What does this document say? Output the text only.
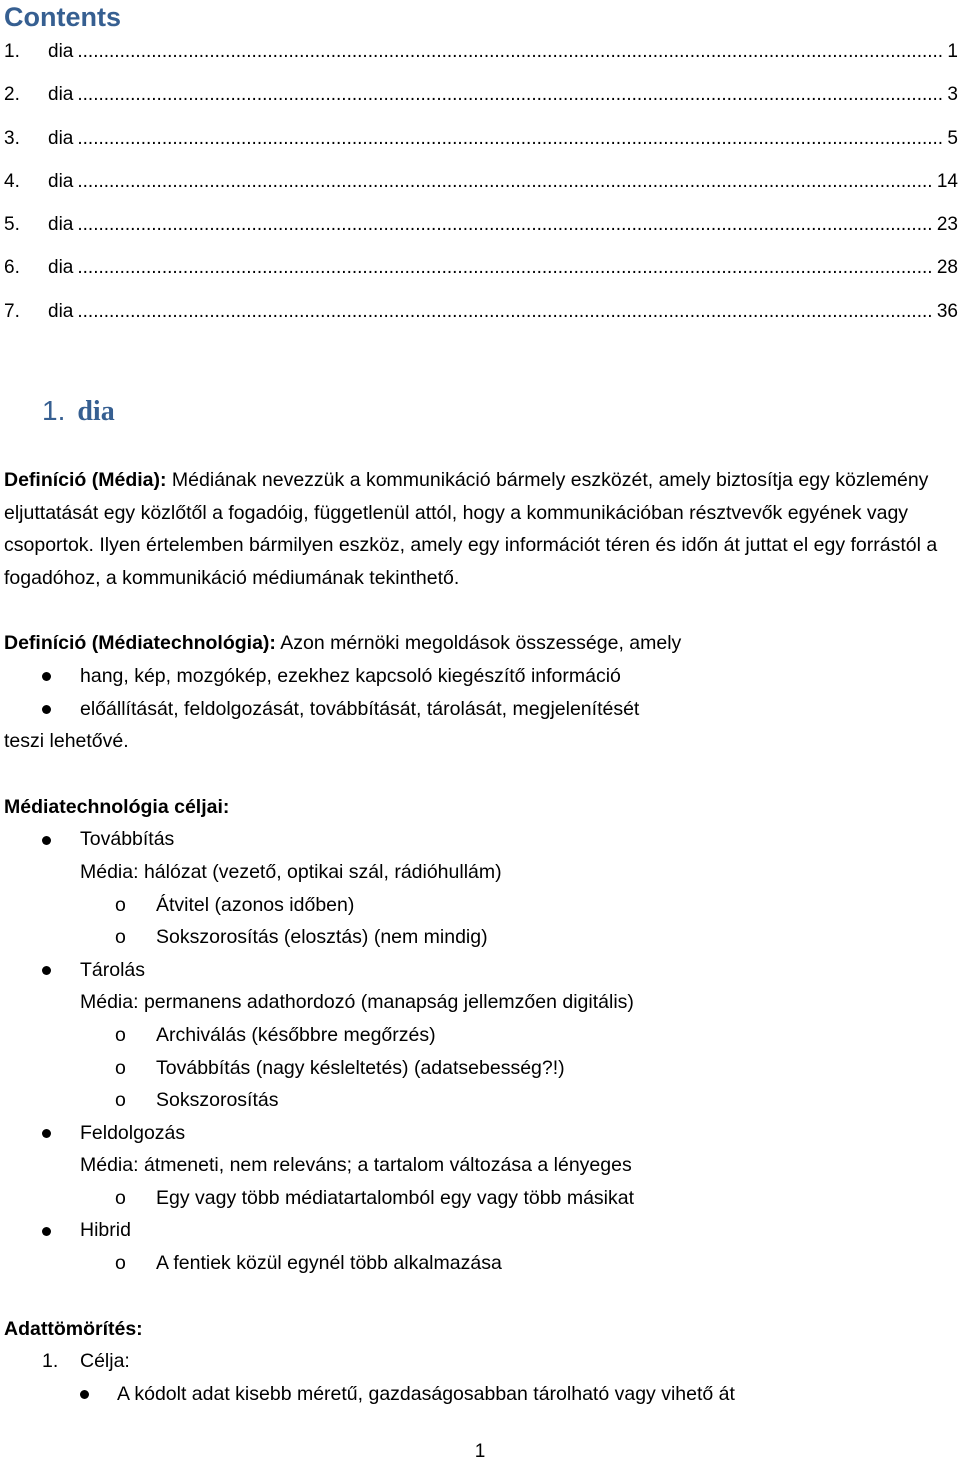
Contents
1.	dia .....	1
2.	dia .....	3
3.	dia .....	5
4.	dia .....	14
5.	dia .....	23
6.	dia .....	28
7.	dia .....	36
1. dia

Definíció (Média): Médiának nevezzük a kommunikáció bármely eszközét, amely biztosítja egy közlemény eljuttatását egy közlőtől a fogadóig, függetlenül attól, hogy a kommunikációban résztvevők egyének vagy csoportok. Ilyen értelemben bármilyen eszköz, amely egy információt téren és időn át juttat el egy forrástól a fogadóhoz, a kommunikáció médiumának tekinthető.

Definíció (Médiatechnológia): Azon mérnöki megoldások összessége, amely

hang, kép, mozgókép, ezekhez kapcsoló kiegészítő információ
előállítását, feldolgozását, továbbítását, tárolását, megjelenítését

teszi lehetővé.

Médiatechnológia céljai:

Továbbítás
Média: hálózat (vezető, optikai szál, rádióhullám)
o Átvitel (azonos időben)
o Sokszorosítás (elosztás) (nem mindig)
Tárolás
Média: permanens adathordozó (manapság jellemzően digitális)
o Archiválás (későbbre megőrzés)
o Továbbítás (nagy késleltetés) (adatsebesség?!)
o Sokszorosítás
Feldolgozás
Média: átmeneti, nem releváns; a tartalom változása a lényeges
o Egy vagy több médiatartalomból egy vagy több másikat
Hibrid
o A fentiek közül egynél több alkalmazása

Adattömörítés:

1. Célja:
A kódolt adat kisebb méretű, gazdaságosabban tárolható vagy vihető át
1
